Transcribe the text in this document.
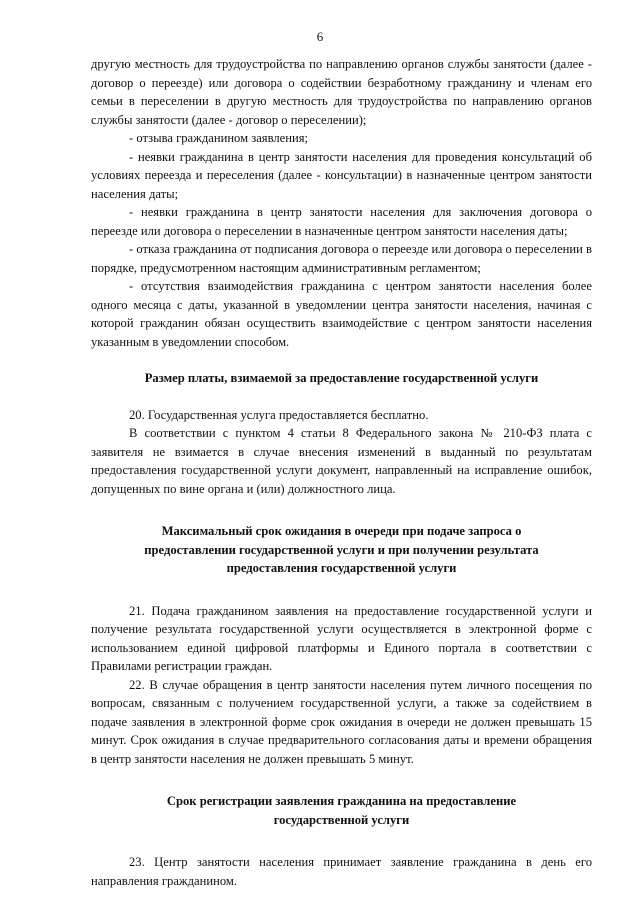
6

другую местность для трудоустройства по направлению органов службы занятости (далее - договор о переезде) или договора о содействии безработному гражданину и членам его семьи в переселении в другую местность для трудоустройства по направлению органов службы занятости (далее - договор о переселении);

- отзыва гражданином заявления;

- неявки гражданина в центр занятости населения для проведения консультаций об условиях переезда и переселения (далее - консультации) в назначенные центром занятости населения даты;

- неявки гражданина в центр занятости населения для заключения договора о переезде или договора о переселении в назначенные центром занятости населения даты;

- отказа гражданина от подписания договора о переезде или договора о переселении в порядке, предусмотренном настоящим административным регламентом;

- отсутствия взаимодействия гражданина с центром занятости населения более одного месяца с даты, указанной в уведомлении центра занятости населения, начиная с которой гражданин обязан осуществить взаимодействие с центром занятости населения указанным в уведомлении способом.

Размер платы, взимаемой за предоставление государственной услуги

20. Государственная услуга предоставляется бесплатно.

В соответствии с пунктом 4 статьи 8 Федерального закона № 210-ФЗ плата с заявителя не взимается в случае внесения изменений в выданный по результатам предоставления государственной услуги документ, направленный на исправление ошибок, допущенных по вине органа и (или) должностного лица.

Максимальный срок ожидания в очереди при подаче запроса о

предоставлении государственной услуги и при получении результата

предоставления государственной услуги

21. Подача гражданином заявления на предоставление государственной услуги и получение результата государственной услуги осуществляется в электронной форме с использованием единой цифровой платформы и Единого портала в соответствии с Правилами регистрации граждан.

22. В случае обращения в центр занятости населения путем личного посещения по вопросам, связанным с получением государственной услуги, а также за содействием в подаче заявления в электронной форме срок ожидания в очереди не должен превышать 15 минут. Срок ожидания в случае предварительного согласования даты и времени обращения в центр занятости населения не должен превышать 5 минут.

Срок регистрации заявления гражданина на предоставление

государственной услуги

23. Центр занятости населения принимает заявление гражданина в день его направления гражданином.
